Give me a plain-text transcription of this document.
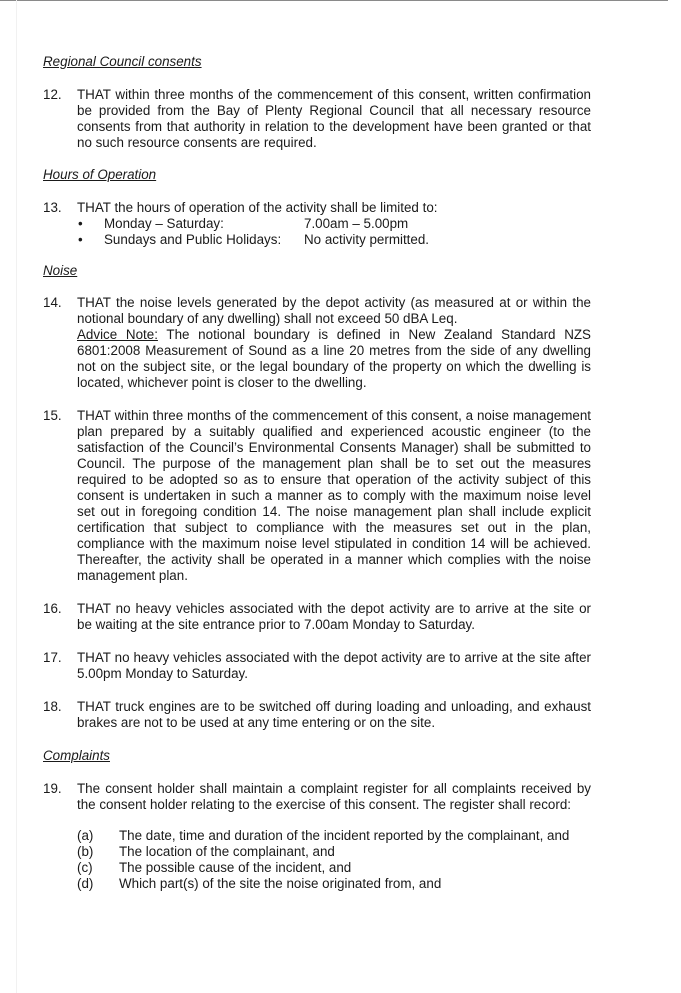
Regional Council consents

12.	THAT within three months of the commencement of this consent, written confirmation be provided from the Bay of Plenty Regional Council that all necessary resource consents from that authority in relation to the development have been granted or that no such resource consents are required.

Hours of Operation

13.	THAT the hours of operation of the activity shall be limited to:

•	Monday – Saturday:	7.00am – 5.00pm
•	Sundays and Public Holidays:	No activity permitted.

Noise

14.	THAT the noise levels generated by the depot activity (as measured at or within the notional boundary of any dwelling) shall not exceed 50 dBA Leq.

Advice Note: The notional boundary is defined in New Zealand Standard NZS 6801:2008 Measurement of Sound as a line 20 metres from the side of any dwelling not on the subject site, or the legal boundary of the property on which the dwelling is located, whichever point is closer to the dwelling.

15.	THAT within three months of the commencement of this consent, a noise management plan prepared by a suitably qualified and experienced acoustic engineer (to the satisfaction of the Council’s Environmental Consents Manager) shall be submitted to Council. The purpose of the management plan shall be to set out the measures required to be adopted so as to ensure that operation of the activity subject of this consent is undertaken in such a manner as to comply with the maximum noise level set out in foregoing condition 14. The noise management plan shall include explicit certification that subject to compliance with the measures set out in the plan, compliance with the maximum noise level stipulated in condition 14 will be achieved. Thereafter, the activity shall be operated in a manner which complies with the noise management plan.

16.	THAT no heavy vehicles associated with the depot activity are to arrive at the site or be waiting at the site entrance prior to 7.00am Monday to Saturday.

17.	THAT no heavy vehicles associated with the depot activity are to arrive at the site after 5.00pm Monday to Saturday.

18.	THAT truck engines are to be switched off during loading and unloading, and exhaust brakes are not to be used at any time entering or on the site.

Complaints

19.	The consent holder shall maintain a complaint register for all complaints received by the consent holder relating to the exercise of this consent. The register shall record:

(a)	The date, time and duration of the incident reported by the complainant, and
(b)	The location of the complainant, and
(c)	The possible cause of the incident, and
(d)	Which part(s) of the site the noise originated from, and
